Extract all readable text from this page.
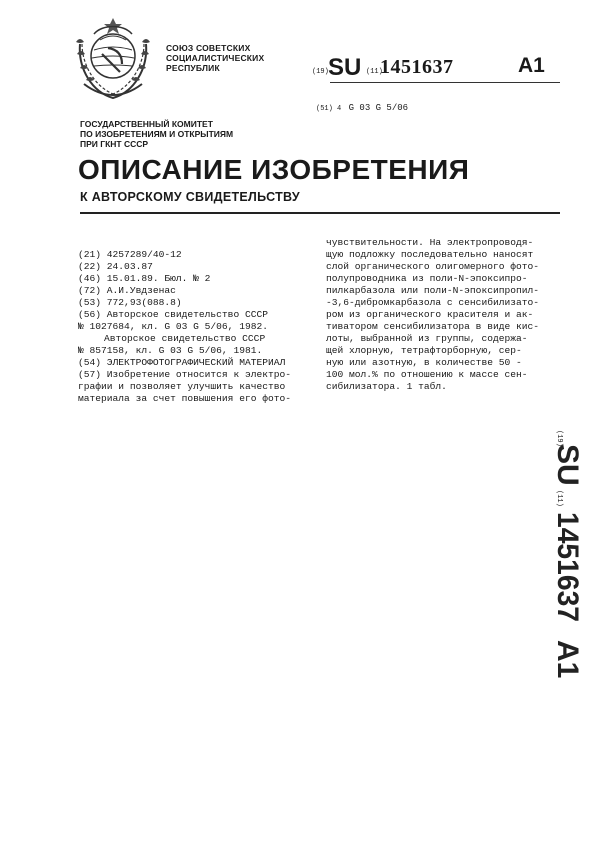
СОЮЗ СОВЕТСКИХ
СОЦИАЛИСТИЧЕСКИХ
РЕСПУБЛИК	(19) SU (11)
1451637	A1
(51) 4 G 03 G 5/06
ГОСУДАРСТВЕННЫЙ КОМИТЕТ
ПО ИЗОБРЕТЕНИЯМ И ОТКРЫТИЯМ
ПРИ ГКНТ СССР
ОПИСАНИЕ ИЗОБРЕТЕНИЯ
К АВТОРСКОМУ СВИДЕТЕЛЬСТВУ
(21) 4257289/40-12
(22) 24.03.87
(46) 15.01.89. Бюл. № 2
(72) А.И.Увдзенас
(53) 772,93(088.8)
(56) Авторское свидетельство СССР
№ 1027684, кл. G 03 G 5/06, 1982.
Авторское свидетельство СССР
№ 857158, кл. G 03 G 5/06, 1981.
(54) ЭЛЕКТРОФОТОГРАФИЧЕСКИЙ МАТЕРИАЛ
(57) Изобретение относится к электро-
графии и позволяет улучшить качество
материала за счет повышения его фото-
чувствительности. На электропроводя-
щую подложку последовательно наносят
слой органического олигомерного фото-
полупроводника из поли-N-эпоксипро-
пилкарбазола или поли-N-эпоксипропил-
-3,6-дибромкарбазола с сенсибилизато-
ром из органического красителя и ак-
тиватором сенсибилизатора в виде кис-
лоты, выбранной из группы, содержа-
щей хлорную, тетрафторборную, сер-
ную или азотную, в количестве 50 -
100 мол.% по отношению к массе сен-
сибилизатора. 1 табл.
(19)
SU
(11)
1451637
A1
